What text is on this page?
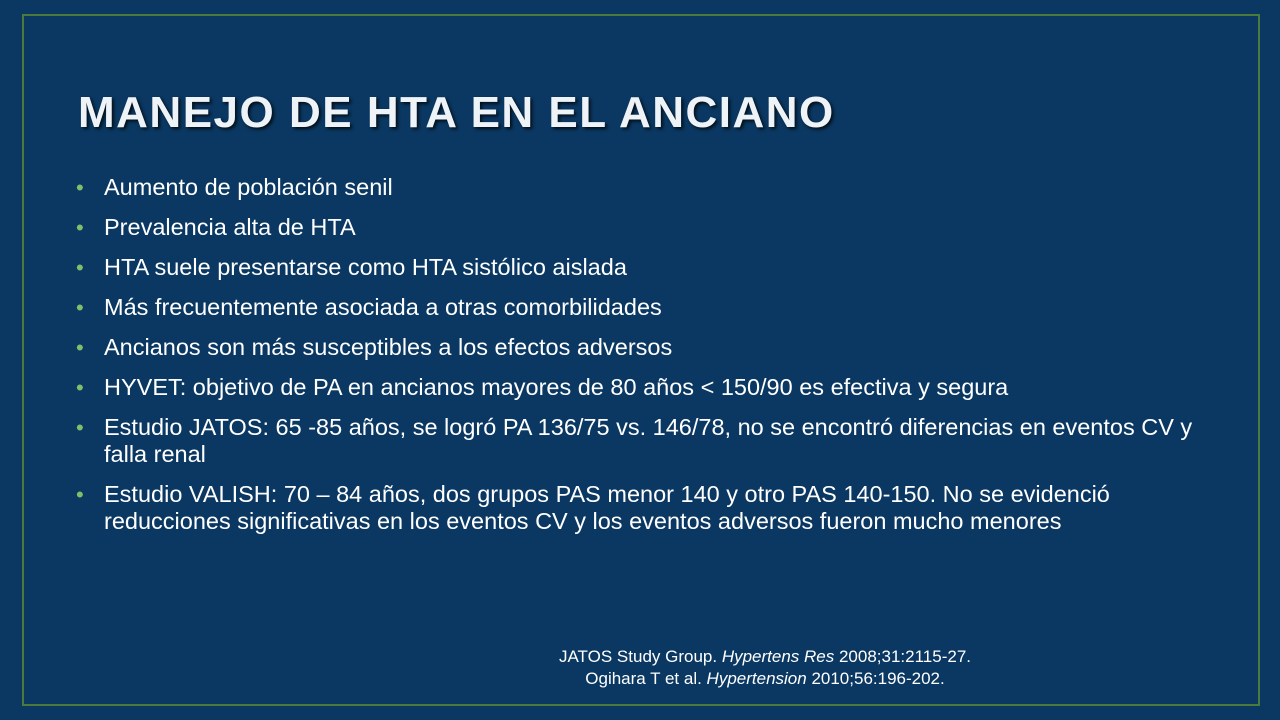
MANEJO DE HTA EN EL ANCIANO
• Aumento de población senil
• Prevalencia alta de HTA
• HTA suele presentarse como HTA sistólico aislada
• Más frecuentemente asociada a otras comorbilidades
• Ancianos son más susceptibles a los efectos adversos
• HYVET: objetivo de PA en ancianos mayores de 80 años < 150/90 es efectiva y segura
• Estudio JATOS: 65 -85 años, se logró PA 136/75 vs. 146/78, no se encontró diferencias en eventos CV y falla renal
• Estudio VALISH: 70 – 84 años, dos grupos PAS menor 140 y otro PAS 140-150. No se evidenció reducciones significativas en los eventos CV y los eventos adversos fueron mucho menores
JATOS Study Group. Hypertens Res 2008;31:2115-27.
Ogihara T et al. Hypertension 2010;56:196-202.
